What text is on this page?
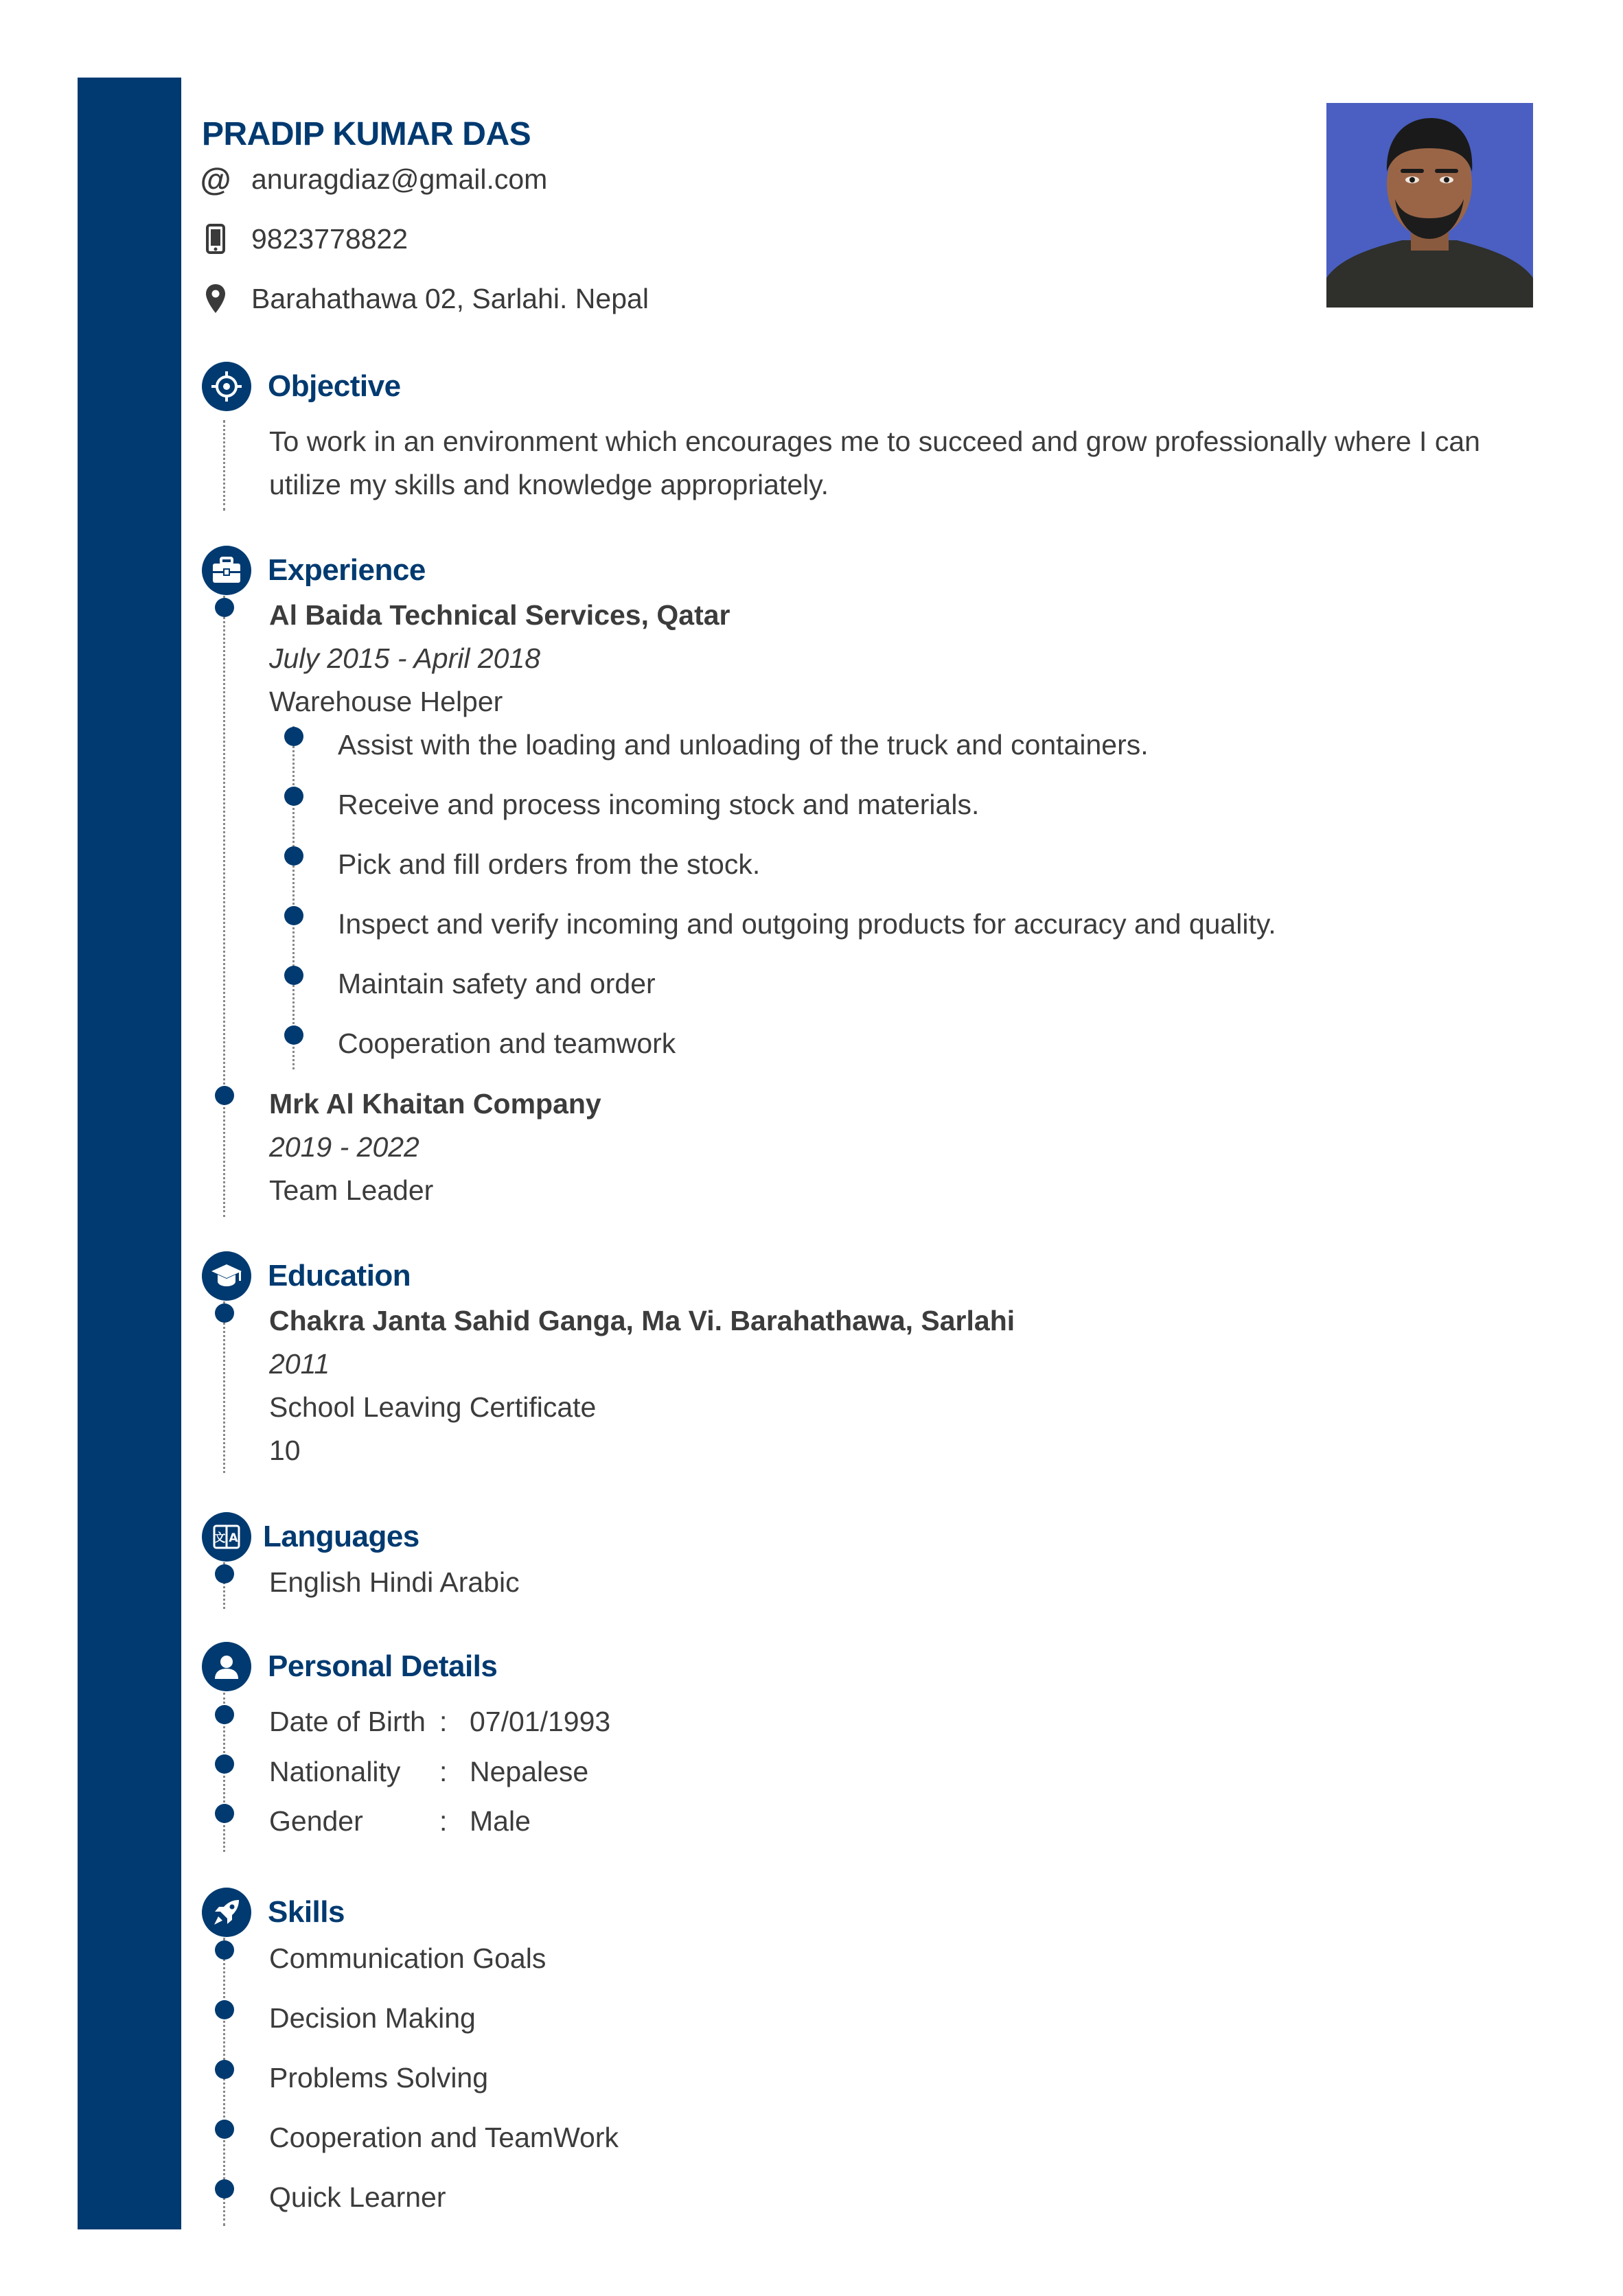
PRADIP KUMAR DAS
@ anuragdiaz@gmail.com
9823778822
Barahathawa 02, Sarlahi. Nepal
Objective
To work in an environment which encourages me to succeed and grow professionally where I can utilize my skills and knowledge appropriately.
Experience
Al Baida Technical Services, Qatar
July 2015 - April 2018
Warehouse Helper
Assist with the loading and unloading of the truck and containers.
Receive and process incoming stock and materials.
Pick and fill orders from the stock.
Inspect and verify incoming and outgoing products for accuracy and quality.
Maintain safety and order
Cooperation and teamwork
Mrk Al Khaitan Company
2019 - 2022
Team Leader
Education
Chakra Janta Sahid Ganga, Ma Vi. Barahathawa, Sarlahi
2011
School Leaving Certificate
10
文 A Languages
English Hindi Arabic
Personal Details
Date of Birth : 07/01/1993
Nationality : Nepalese
Gender	: Male
Skills
Communication Goals
Decision Making
Problems Solving
Cooperation and TeamWork
Quick Learner
